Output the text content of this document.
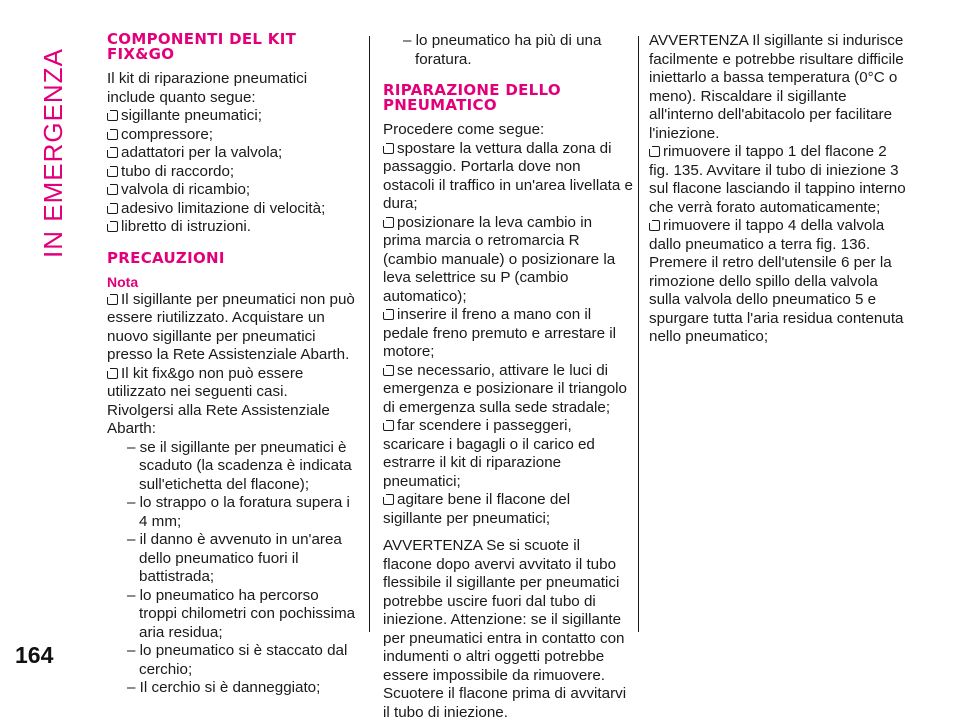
IN EMERGENZA
COMPONENTI DEL KIT
FIX&GO

Il kit di riparazione pneumatici include quanto segue:

sigillante pneumatici;

compressore;

adattatori per la valvola;

tubo di raccordo;

valvola di ricambio;

adesivo limitazione di velocità;

libretto di istruzioni.

PRECAUZIONI
Nota

Il sigillante per pneumatici non può essere riutilizzato. Acquistare un nuovo sigillante per pneumatici presso la Rete Assistenziale Abarth.

Il kit fix&go non può essere utilizzato nei seguenti casi. Rivolgersi alla Rete Assistenziale Abarth:

– se il sigillante per pneumatici è scaduto (la scadenza è indicata sull'etichetta del flacone);

– lo strappo o la foratura supera i 4 mm;

– il danno è avvenuto in un'area dello pneumatico fuori il battistrada;

– lo pneumatico ha percorso troppi chilometri con pochissima aria residua;

– lo pneumatico si è staccato dal cerchio;

– Il cerchio si è danneggiato;

– lo pneumatico ha più di una foratura.

RIPARAZIONE DELLO
PNEUMATICO

Procedere come segue:

spostare la vettura dalla zona di passaggio. Portarla dove non ostacoli il traffico in un'area livellata e dura;

posizionare la leva cambio in prima marcia o retromarcia R (cambio manuale) o posizionare la leva selettrice su P (cambio automatico);

inserire il freno a mano con il pedale freno premuto e arrestare il motore;

se necessario, attivare le luci di emergenza e posizionare il triangolo di emergenza sulla sede stradale;

far scendere i passeggeri, scaricare i bagagli o il carico ed estrarre il kit di riparazione pneumatici;

agitare bene il flacone del sigillante per pneumatici;

AVVERTENZA Se si scuote il flacone dopo avervi avvitato il tubo flessibile il sigillante per pneumatici potrebbe uscire fuori dal tubo di iniezione. Attenzione: se il sigillante per pneumatici entra in contatto con indumenti o altri oggetti potrebbe essere impossibile da rimuovere. Scuotere il flacone prima di avvitarvi il tubo di iniezione.

AVVERTENZA Il sigillante si indurisce facilmente e potrebbe risultare difficile iniettarlo a bassa temperatura (0°C o meno). Riscaldare il sigillante all'interno dell'abitacolo per facilitare l'iniezione.

rimuovere il tappo 1 del flacone 2 fig. 135. Avvitare il tubo di iniezione 3 sul flacone lasciando il tappino interno che verrà forato automaticamente;

rimuovere il tappo 4 della valvola dallo pneumatico a terra fig. 136. Premere il retro dell'utensile 6 per la rimozione dello spillo della valvola sulla valvola dello pneumatico 5 e spurgare tutta l'aria residua contenuta nello pneumatico;

164
